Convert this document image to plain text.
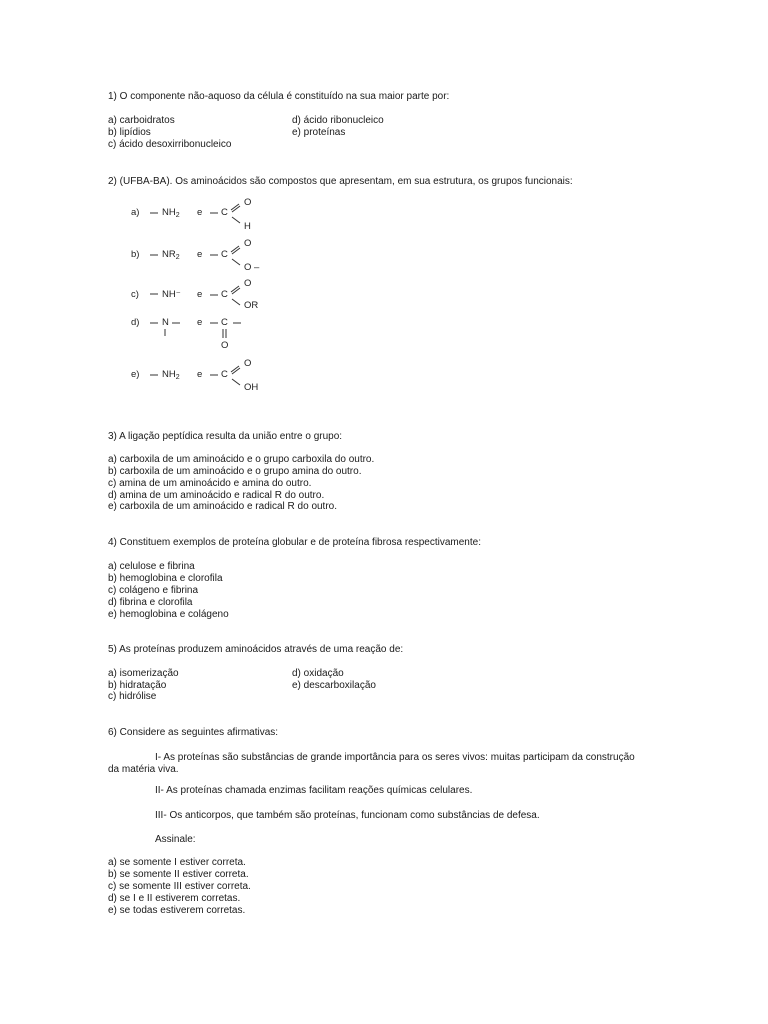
1) O componente não-aquoso da célula é constituído na sua maior parte por:
a) carboidratos
b) lipídios
c) ácido desoxirribonucleico
d) ácido ribonucleico
e) proteínas
2) (UFBA-BA). Os aminoácidos são compostos que apresentam, em sua estrutura, os grupos funcionais:
a) $NH_2$ e C
O
H
b) $NR_2$ e C
O
O –
c) NH⁻ e C
O
OR
d) N	e C
O
e) $NH_2$ e C
O
OH
3) A ligação peptídica resulta da união entre o grupo:
a) carboxila de um aminoácido e o grupo carboxila do outro.
b) carboxila de um aminoácido e o grupo amina do outro.
c) amina de um aminoácido e amina do outro.
d) amina de um aminoácido e radical R do outro.
e) carboxila de um aminoácido e radical R do outro.
4) Constituem exemplos de proteína globular e de proteína fibrosa respectivamente:
a) celulose e fibrina
b) hemoglobina e clorofila
c) colágeno e fibrina
d) fibrina e clorofila
e) hemoglobina e colágeno
5) As proteínas produzem aminoácidos através de uma reação de:
a) isomerização
b) hidratação
c) hidrólise
d) oxidação
e) descarboxilação
6) Considere as seguintes afirmativas:
I- As proteínas são substâncias de grande importância para os seres vivos: muitas participam da construção
da matéria viva.
II- As proteínas chamada enzimas facilitam reações químicas celulares.
III- Os anticorpos, que também são proteínas, funcionam como substâncias de defesa.
Assinale:
a) se somente I estiver correta.
b) se somente II estiver correta.
c) se somente III estiver correta.
d) se I e II estiverem corretas.
e) se todas estiverem corretas.
